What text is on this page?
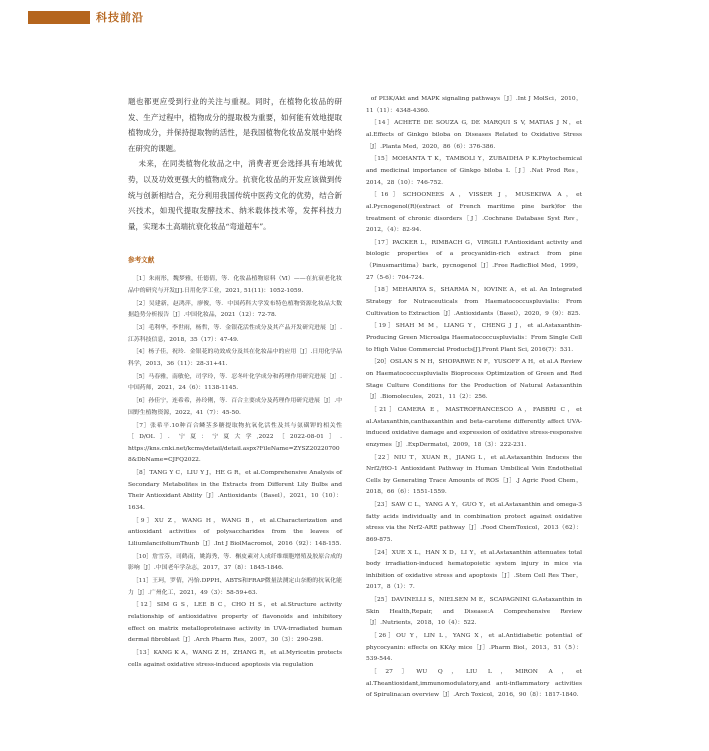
科技前沿

题也都更应受到行业的关注与重视。同时，在植物化妆品的研发、生产过程中，植物成分的提取极为重要，如何能有效地提取植物成分，并保持提取物的活性，是我国植物化妆品发展中始终在研究的课题。

未来，在同类植物化妆品之中，消费者更会选择具有地域优势，以及功效更强大的植物成分。抗衰化妆品的开发应该做到传统与创新相结合，充分利用我国传统中医药文化的优势，结合新兴技术，如现代提取发酵技术、纳米载体技术等，发挥科技力量，实现本土高端抗衰化妆品“弯道超车”。

参考文献

［1］朱雨彤，魏梦雅，任德倩，等．化妆品植物原料（Ⅵ）——在抗衰老化妆品中的研究与开发[J].日用化学工业，2021, 51(11)：1052-1059.

［2］吴建新，赵鸿萍，廖俊，等．中国药科大学发布特色植物资源化妆品大数据趋势分析报告［J］.中国化妆品，2021（12）：72-78.

［3］毛利华，李世雨，杨哲，等．金银花活性成分及其产品开发研究进展［J］.江苏科技信息，2018，35（17）：47-49.

［4］杨子佳，祝玲．金银花的功效成分及其在化妆品中的应用［J］.日用化学品科学，2013，36（11）：28-31+41.

［5］马春雅，南敏伦，司学玲，等．忍冬叶化学成分和药理作用研究进展［J］.中国药师，2021，24（6）：1138-1145.

［6］孙佳宁，连希希，孙玲俐，等．百合主要成分及药理作用研究进展［J］.中国野生植物资源，2022，41（7）：45-50.

［7］张希平.10种百合鳞茎多糖提取物抗氧化活性及其与氨磺钾的相关性［D/OL］．宁夏：宁夏大学,2022［2022-08-01］. https://kns.cnki.net/kcms/detail/detail.aspx?FileName=ZYSZ20220700 8&DbName=CJFQ2022.

［8］TANG Y C，LIU Y J，HE G R，et al.Comprehensive Analysis of Secondary Metabolites in the Extracts from Different Lily Bulbs and Their Antioxidant Ability［J］.Antioxidants（Basel），2021，10（10）：1634.

［9］XU Z，WANG H，WANG B，et al.Characterization and antioxidant activities of polysaccharides from the leaves of LiliumlancifoliumThunb［J］.Int J BiolMacromol，2016（92）：148-155.

［10］詹雪芬，司鹤南，姚海秀，等．槲皮素对人成纤维细胞增殖及胶原合成的影响［J］.中国老年学杂志，2017，37（8）：1845-1846.

［11］王珂，罗倩，冯怡.DPPH、ABTS和FRAP微量法测定山奈酚的抗氧化能力［J］.广州化工，2021，49（3）：58-59+63.

［12］SIM G S，LEE B C，CHO H S，et al.Structure activity relationship of antioxidative property of flavonoids and inhibitory effect on matrix metalloproteinase activity in UVA-irradiated human dermal fibroblast［J］.Arch Pharm Res，2007，30（3）：290-298.

［13］KANG K A，WANG Z H，ZHANG R，et al.Myricetin protects cells against oxidative stress-induced apoptosis via regulation

of PI3K/Akt and MAPK signaling pathways［J］.Int J MolSci，2010，11（11）：4348-4360.

［14］ACHETE DE SOUZA G, DE MARQUI S V, MATIAS J N，et al.Effects of Ginkgo biloba on Diseases Related to Oxidative Stress［J］.Planta Med，2020，86（6）：376-386.

［15］MOHANTA T K，TAMBOLI Y，ZUBAIDHA P K.Phytochemical and medicinal importance of Ginkgo biloba L［J］.Nat Prod Res，2014，28（10）：746-752.

［16］SCHOONEES A，VISSER J，MUSEKIWA A，et al.Pycnogenol(R)(extract of French maritime pine bark)for the treatment of chronic disorders［J］.Cochrane Database Syst Rev，2012，（4）：82-94.

［17］PACKER L，RIMBACH G，VIRGILI F.Antioxidant activity and biologic properties of a procyanidin-rich extract from pine（Pinusmaritima）bark，pycnogenol［J］.Free RadicBiol Med，1999，27（5-6）：704-724.

［18］MEHARIYA S，SHARMA N，IOVINE A，et al. An Integrated Strategy for Nutraceuticals from Haematococcuspluvialis: From Cultivation to Extraction［J］.Antioxidants（Basel），2020，9（9）：825.

［19］SHAH M M，LIANG Y，CHENG J J，et al.Astaxanthin-Producing Green Microalga Haematococcuspluvialis：From Single Cell to High Value Commercial Products[J].Front Plant Sci, 2016(7)：531.

［20］OSLAN S N H，SHOPARWE N F，YUSOFF A H，et al.A Review on Haematococcuspluvialis Bioprocess Optimization of Green and Red Stage Culture Conditions for the Production of Natural Astaxanthin［J］.Biomolecules，2021，11（2）：256.

［21］CAMERA E，MASTROFRANCESCO A，FABBRI C，et al.Astaxanthin,canthaxanthin and beta-carotene differently affect UVA-induced oxidative damage and expression of oxidative stress-responsive enzymes［J］.ExpDermatol，2009，18（3）：222-231.

［22］NIU T，XUAN R，JIANG L，et al.Astaxanthin Induces the Nrf2/HO-1 Antioxidant Pathway in Human Umbilical Vein Endothelial Cells by Generating Trace Amounts of ROS［J］.J Agric Food Chem，2018，66（6）：1551-1559.

［23］SAW C L，YANG A Y，GUO Y，et al.Astaxanthin and omega-3 fatty acids individually and in combination protect against oxidative stress via the Nrf2-ARE pathway［J］.Food ChemToxicol，2013（62）：869-875.

［24］XUE X L，HAN X D，LI Y，et al.Astaxanthin attenuates total body irradiation-induced hematopoietic system injury in mice via inhibition of oxidative stress and apoptosis［J］.Stem Cell Res Ther，2017，8（1）：7.

［25］DAVINELLI S，NIELSEN M E，SCAPAGNINI G.Astaxanthin in Skin Health,Repair, and Disease:A Comprehensive Review［J］.Nutrients，2018，10（4）：522.

［26］OU Y，LIN L，YANG X，et al.Antidiabetic potential of phycocyanin: effects on KKAy mice［J］.Pharm Biol，2013，51（5）：539-544.

［27］WU Q，LIU L，MIRON A，et al.Theantioxidant,immunomodulatory,and anti-inflammatory activities of Spirulina:an overview［J］.Arch Toxicol，2016，90（8）：1817-1840.
